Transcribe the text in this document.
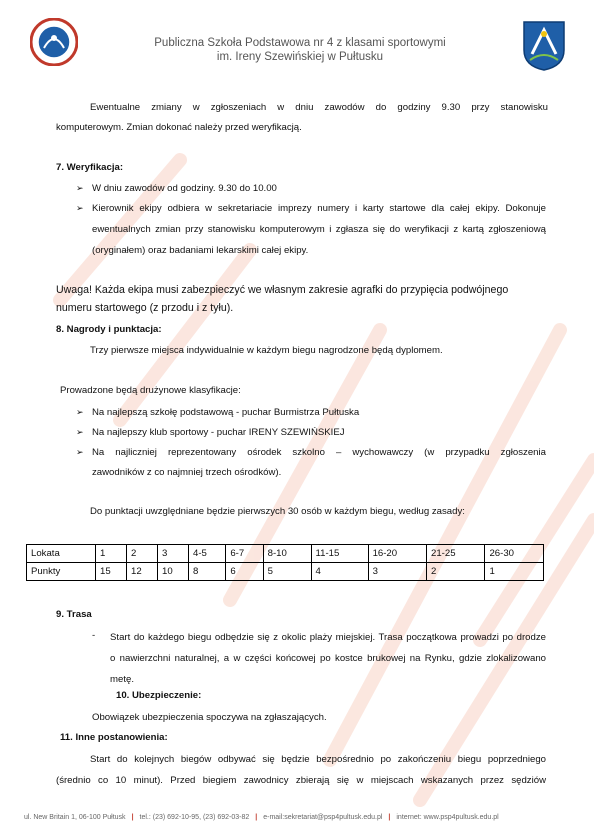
Publiczna Szkoła Podstawowa nr 4 z klasami sportowymi
im. Ireny Szewińskiej w Pułtusku
Ewentualne zmiany w zgłoszeniach w dniu zawodów do godziny 9.30 przy stanowisku
komputerowym. Zmian dokonać należy przed weryfikacją.
7. Weryfikacja:
➢ W dniu zawodów od godziny. 9.30 do 10.00
➢ Kierownik ekipy odbiera w sekretariacie imprezy numery i karty startowe dla całej ekipy. Dokonuje
ewentualnych zmian przy stanowisku komputerowym i zgłasza się do weryfikacji z kartą zgłoszeniową
(oryginałem) oraz badaniami lekarskimi całej ekipy.
Uwaga! Każda ekipa musi zabezpieczyć we własnym zakresie agrafki do przypięcia podwójnego
numeru startowego (z przodu i z tyłu).
8. Nagrody i punktacja:
Trzy pierwsze miejsca indywidualnie w każdym biegu nagrodzone będą dyplomem.
Prowadzone będą drużynowe klasyfikacje:
➢ Na najlepszą szkołę podstawową - puchar Burmistrza Pułtuska
➢ Na najlepszy klub sportowy - puchar IRENY SZEWIŃSKIEJ
➢ Na najliczniej reprezentowany ośrodek szkolno – wychowawczy (w przypadku zgłoszenia
zawodników z co najmniej trzech ośrodków).
Do punktacji uwzględniane będzie pierwszych 30 osób w każdym biegu, według zasady:
Lokata	1	2	3	4-5	6-7	8-10	11-15	16-20	21-25	26-30
Punkty	15	12	10	8	6	5	4	3	2	1
9. Trasa
- Start do każdego biegu odbędzie się z okolic plaży miejskiej. Trasa początkowa prowadzi po drodze
o nawierzchni naturalnej, a w części końcowej po kostce brukowej na Rynku, gdzie zlokalizowano
metę.
10. Ubezpieczenie:
Obowiązek ubezpieczenia spoczywa na zgłaszających.
11. Inne postanowienia:
Start do kolejnych biegów odbywać się będzie bezpośrednio po zakończeniu biegu poprzedniego
(średnio co 10 minut). Przed biegiem zawodnicy zbierają się w miejscach wskazanych przez sędziów
ul. New Britain 1, 06-100 Pułtusk | tel.: (23) 692-10-95, (23) 692-03-82 | e-mail:sekretariat@psp4pultusk.edu.pl | internet: www.psp4pultusk.edu.pl
